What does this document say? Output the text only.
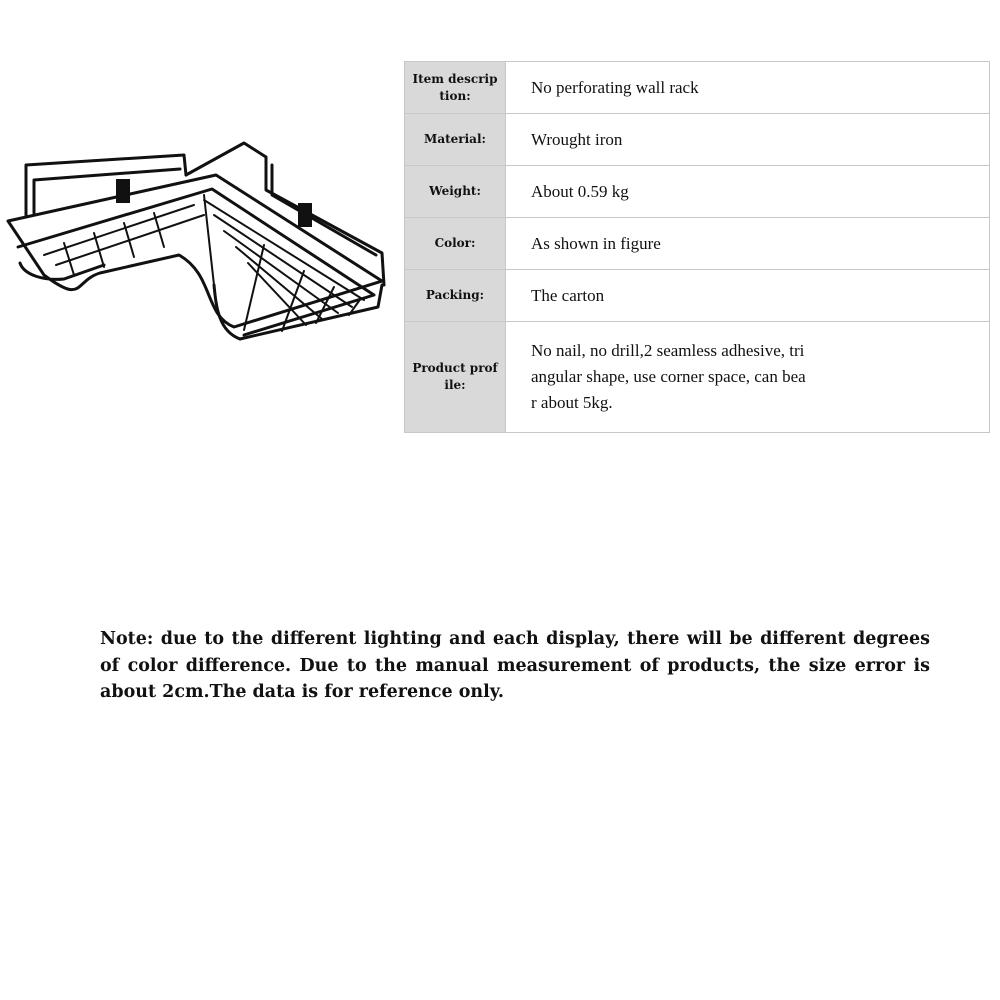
Item description:	No perforating wall rack
Material:	Wrought iron
Weight:	About 0.59 kg
Color:	As shown in figure
Packing:	The carton
Product profile:	No nail, no drill,2 seamless adhesive, triangular shape, use corner space, can bear about 5kg.
Note: due to the different lighting and each display, there will be different degrees of color difference. Due to the manual measurement of products, the size error is about 2cm.The data is for reference only.
